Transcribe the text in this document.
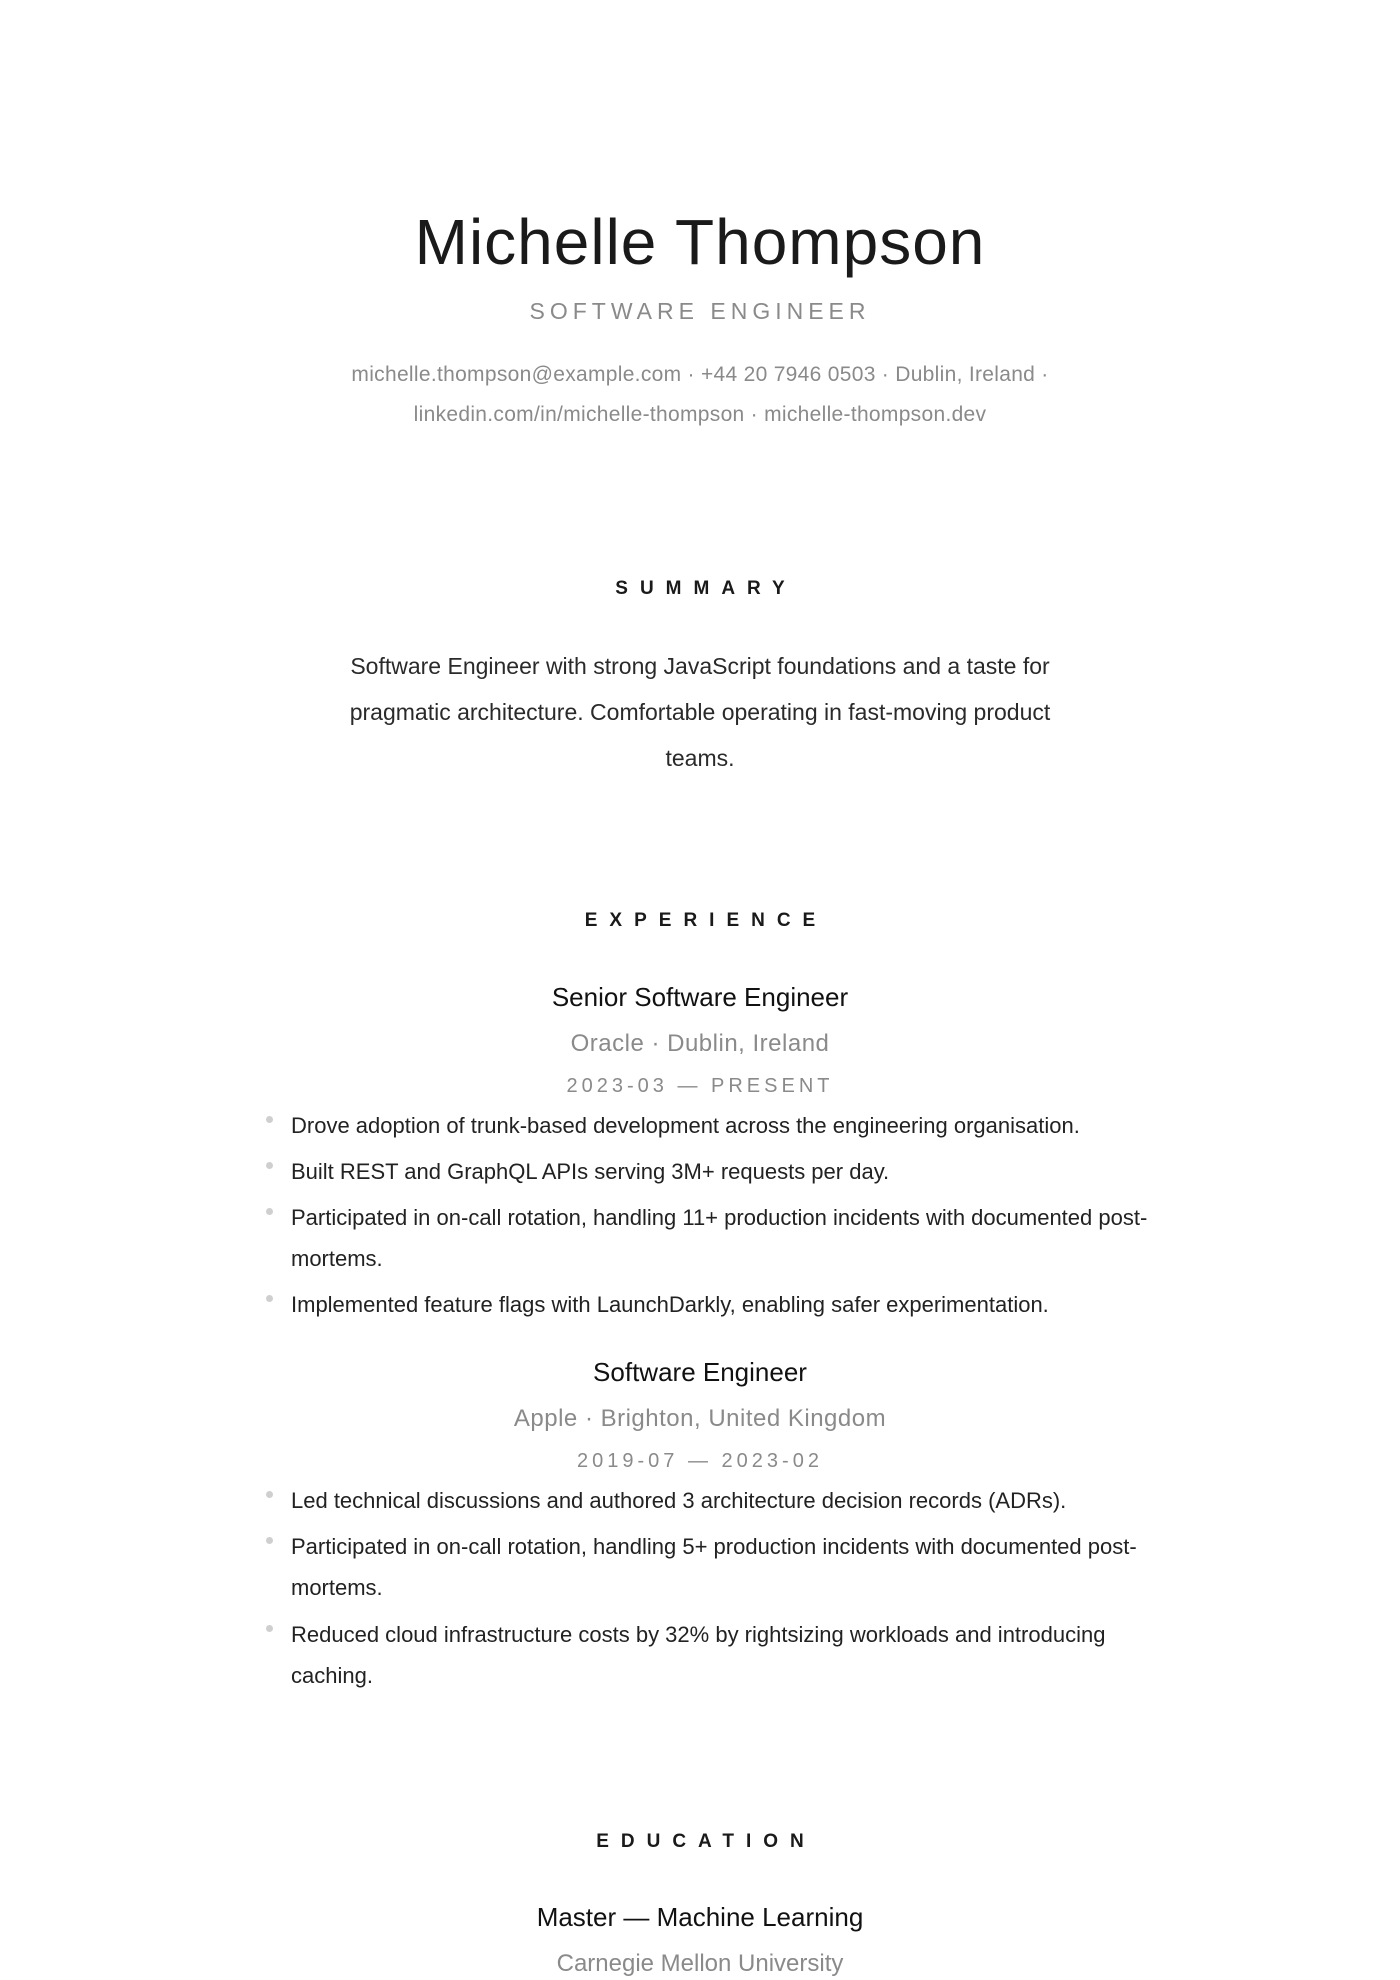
Michelle Thompson
SOFTWARE ENGINEER
michelle.thompson@example.com · +44 20 7946 0503 · Dublin, Ireland ·
linkedin.com/in/michelle-thompson · michelle-thompson.dev
SUMMARY
Software Engineer with strong JavaScript foundations and a taste for
pragmatic architecture. Comfortable operating in fast-moving product
teams.
EXPERIENCE
Senior Software Engineer
Oracle · Dublin, Ireland
2023-03 — PRESENT
Drove adoption of trunk-based development across the engineering organisation.
Built REST and GraphQL APIs serving 3M+ requests per day.
Participated in on-call rotation, handling 11+ production incidents with documented post-mortems.
Implemented feature flags with LaunchDarkly, enabling safer experimentation.
Software Engineer
Apple · Brighton, United Kingdom
2019-07 — 2023-02
Led technical discussions and authored 3 architecture decision records (ADRs).
Participated in on-call rotation, handling 5+ production incidents with documented post-mortems.
Reduced cloud infrastructure costs by 32% by rightsizing workloads and introducing caching.
EDUCATION
Master — Machine Learning
Carnegie Mellon University
